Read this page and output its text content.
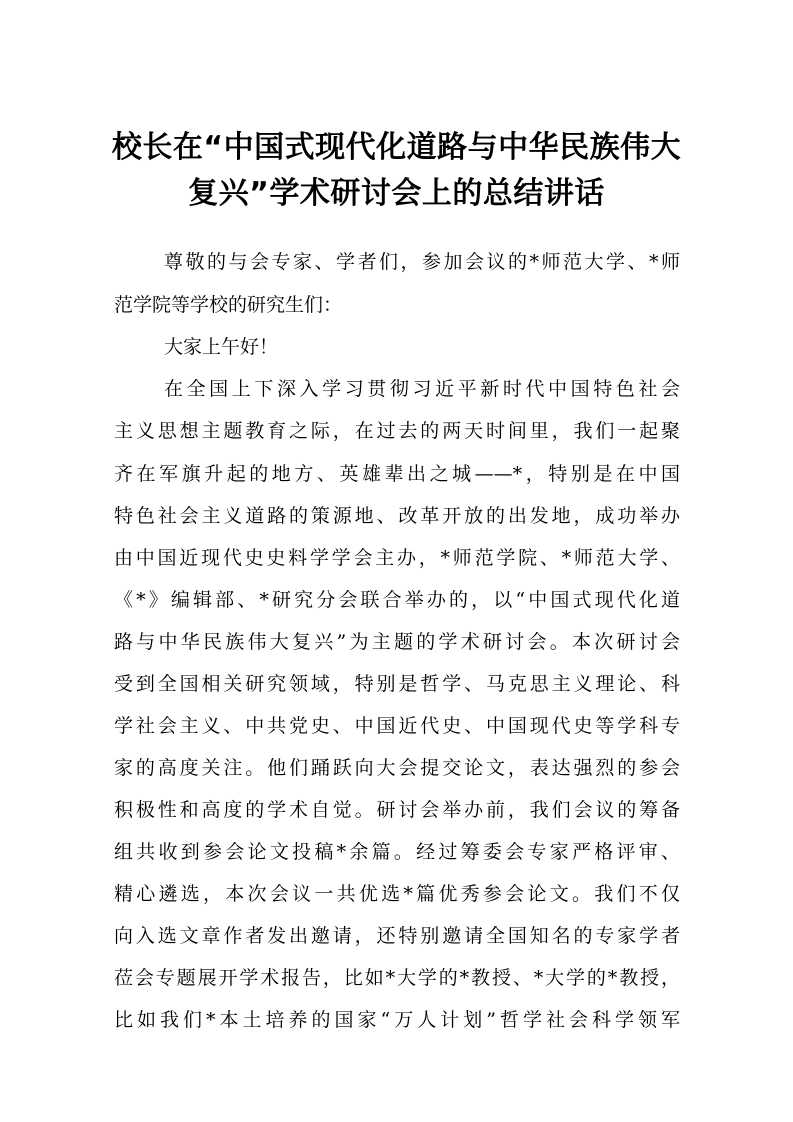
校长在“中国式现代化道路与中华民族伟大
复兴”学术研讨会上的总结讲话
尊敬的与会专家、学者们，参加会议的*师范大学、*师
范学院等学校的研究生们：
大家上午好！
在全国上下深入学习贯彻习近平新时代中国特色社会
主义思想主题教育之际，在过去的两天时间里，我们一起聚
齐在军旗升起的地方、英雄辈出之城——*，特别是在中国
特色社会主义道路的策源地、改革开放的出发地，成功举办
由中国近现代史史料学学会主办，*师范学院、*师范大学、
《*》编辑部、*研究分会联合举办的，以“中国式现代化道
路与中华民族伟大复兴”为主题的学术研讨会。本次研讨会
受到全国相关研究领域，特别是哲学、马克思主义理论、科
学社会主义、中共党史、中国近代史、中国现代史等学科专
家的高度关注。他们踊跃向大会提交论文，表达强烈的参会
积极性和高度的学术自觉。研讨会举办前，我们会议的筹备
组共收到参会论文投稿*余篇。经过筹委会专家严格评审、
精心遴选，本次会议一共优选*篇优秀参会论文。我们不仅
向入选文章作者发出邀请，还特别邀请全国知名的专家学者
莅会专题展开学术报告，比如*大学的*教授、*大学的*教授，
比如我们*本土培养的国家“万人计划”哲学社会科学领军
